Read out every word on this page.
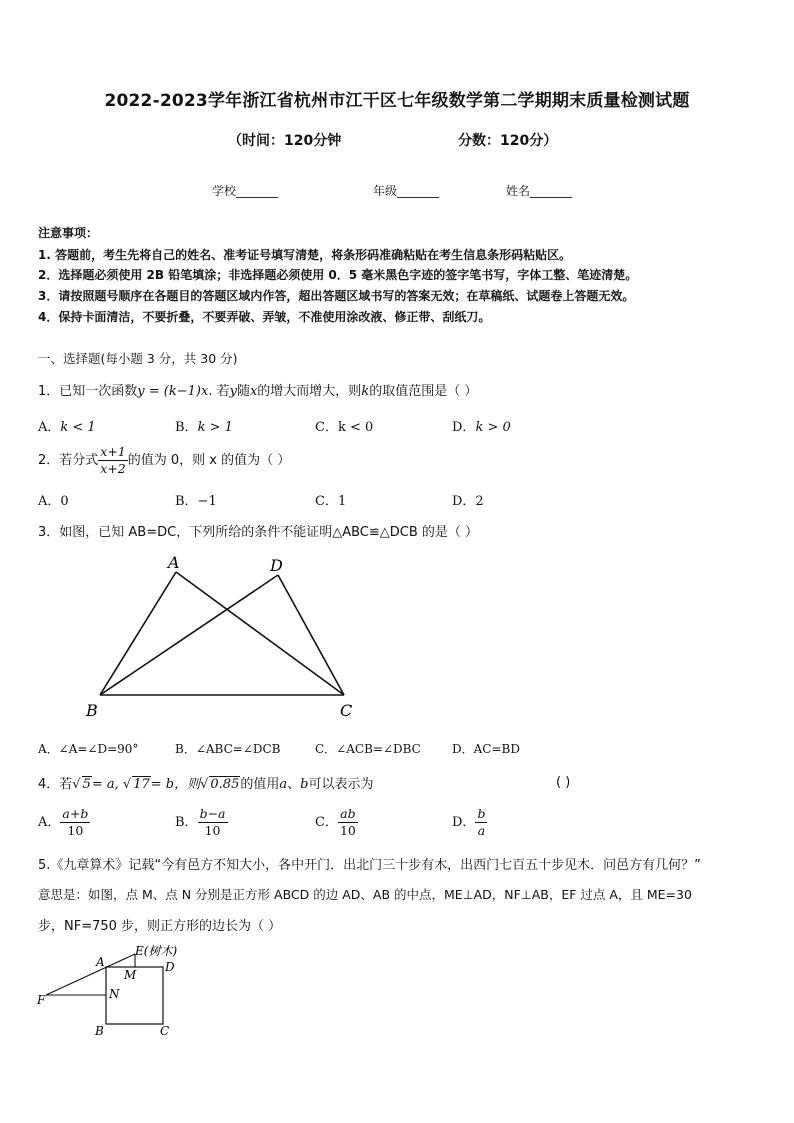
2022-2023学年浙江省杭州市江干区七年级数学第二学期期末质量检测试题
（时间：120分钟	分数：120分）
学校_______	年级_______	姓名_______
注意事项：
1. 答题前，考生先将自己的姓名、准考证号填写清楚，将条形码准确粘贴在考生信息条形码粘贴区。
2．选择题必须使用 2B 铅笔填涂；非选择题必须使用 0．5 毫米黑色字迹的签字笔书写，字体工整、笔迹清楚。
3．请按照题号顺序在各题目的答题区域内作答，超出答题区域书写的答案无效；在草稿纸、试题卷上答题无效。
4．保持卡面清洁，不要折叠，不要弄破、弄皱，不准使用涂改液、修正带、刮纸刀。
一、选择题(每小题 3 分，共 30 分)
1．已知一次函数y = (k−1)x. 若y随x的增大而增大，则k的取值范围是（ ）
A．k < 1	B．k > 1	C．k < 0	D．k > 0
2．若分式 $\frac{x+1}{x+2}$ 的值为 0，则 x 的值为（ ）
A．0	B．−1	C．1	D．2
3．如图，已知 AB=DC，下列所给的条件不能证明△ABC≌△DCB 的是（ ）
A	D
B	C
A．∠A=∠D=90°	B．∠ABC=∠DCB	C．∠ACB=∠DBC	D．AC=BD
4．若√ 5= a, √ 17= b，则√ 0.85的值用a、b可以表示为	( )
A． $\frac{a+b}{10}$	B． $\frac{b-a}{10}$	C． $\frac{ab}{10}$	D． $\frac{b}{a}$
5.《九章算术》记载“今有邑方不知大小，各中开门．出北门三十步有木，出西门七百五十步见木．问邑方有几何？”
意思是：如图，点 M、点 N 分别是正方形 ABCD 的边 AD、AB 的中点，ME⊥AD，NF⊥AB，EF 过点 A，且 ME=30
步，NF=750 步，则正方形的边长为（ ）
E(树木)
A
M
D
N
F
B	C
